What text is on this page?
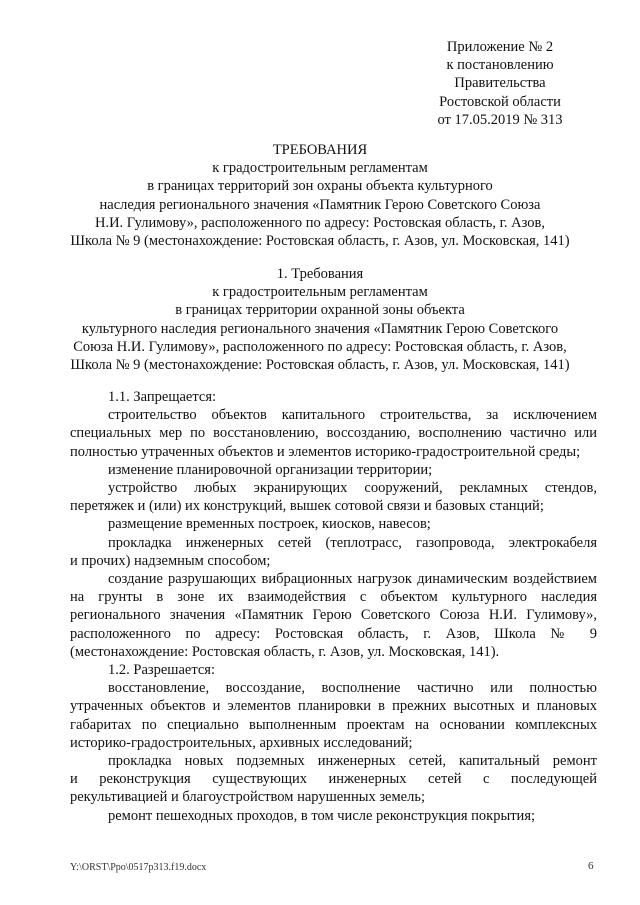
Приложение № 2
к постановлению
Правительства
Ростовской области
от 17.05.2019 № 313
ТРЕБОВАНИЯ
к градостроительным регламентам
в границах территорий зон охраны объекта культурного
наследия регионального значения «Памятник Герою Советского Союза
Н.И. Гулимову», расположенного по адресу: Ростовская область, г. Азов,
Школа № 9 (местонахождение: Ростовская область, г. Азов, ул. Московская, 141)
1. Требования
к градостроительным регламентам
в границах территории охранной зоны объекта
культурного наследия регионального значения «Памятник Герою Советского
Союза Н.И. Гулимову», расположенного по адресу: Ростовская область, г. Азов,
Школа № 9 (местонахождение: Ростовская область, г. Азов, ул. Московская, 141)
1.1. Запрещается:
строительство объектов капитального строительства, за исключением
специальных мер по восстановлению, воссозданию, восполнению частично или
полностью утраченных объектов и элементов историко-градостроительной среды;
изменение планировочной организации территории;
устройство любых экранирующих сооружений, рекламных стендов,
перетяжек и (или) их конструкций, вышек сотовой связи и базовых станций;
размещение временных построек, киосков, навесов;
прокладка инженерных сетей (теплотрасс, газопровода, электрокабеля
и прочих) надземным способом;
создание разрушающих вибрационных нагрузок динамическим воздействием
на грунты в зоне их взаимодействия с объектом культурного наследия
регионального значения «Памятник Герою Советского Союза Н.И. Гулимову»,
расположенного по адресу: Ростовская область, г. Азов, Школа № 9
(местонахождение: Ростовская область, г. Азов, ул. Московская, 141).
1.2. Разрешается:
восстановление, воссоздание, восполнение частично или полностью
утраченных объектов и элементов планировки в прежних высотных и плановых
габаритах по специально выполненным проектам на основании комплексных
историко-градостроительных, архивных исследований;
прокладка новых подземных инженерных сетей, капитальный ремонт
и реконструкция существующих инженерных сетей с последующей
рекультивацией и благоустройством нарушенных земель;
ремонт пешеходных проходов, в том числе реконструкция покрытия;
Y:\ORST\Ppo\0517p313.f19.docx	6
